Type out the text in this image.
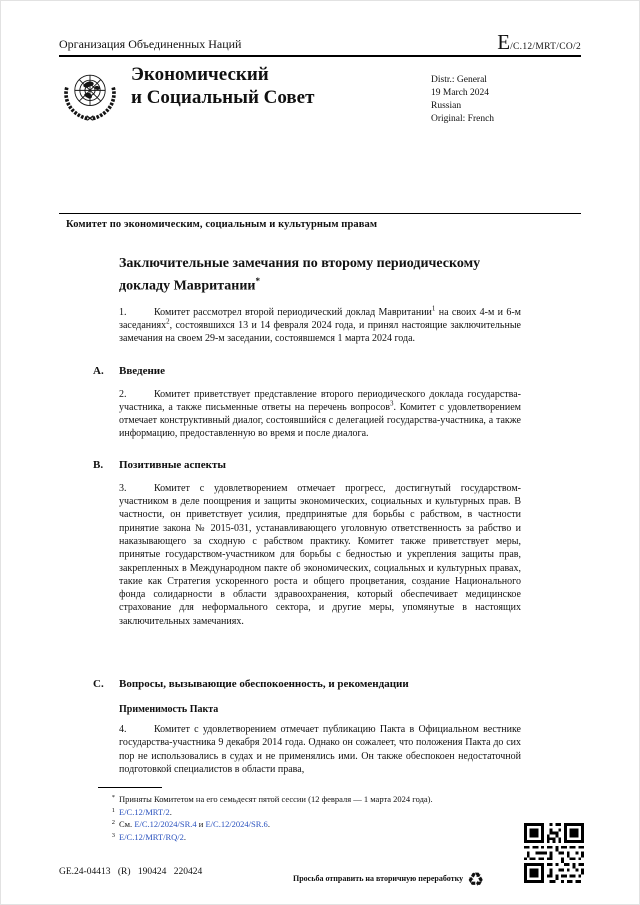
Организация Объединенных Наций	E/C.12/MRT/CO/2
Экономический
и Социальный Совет
Distr.: General
19 March 2024
Russian
Original: French
Комитет по экономическим, социальным и культурным правам
Заключительные замечания по второму периодическому докладу Мавритании*

1.	Комитет рассмотрел второй периодический доклад Мавритании$^1$ на своих 4-м и 6-м заседаниях$^2$, состоявшихся 13 и 14 февраля 2024 года, и принял настоящие заключительные замечания на своем 29-м заседании, состоявшемся 1 марта 2024 года.

A.	Введение

2.	Комитет приветствует представление второго периодического доклада государства-участника, а также письменные ответы на перечень вопросов$^3$. Комитет с удовлетворением отмечает конструктивный диалог, состоявшийся с делегацией государства-участника, а также информацию, предоставленную во время и после диалога.

B.	Позитивные аспекты

3.	Комитет с удовлетворением отмечает прогресс, достигнутый государством-участником в деле поощрения и защиты экономических, социальных и культурных прав. В частности, он приветствует усилия, предпринятые для борьбы с рабством, в частности принятие закона № 2015-031, устанавливающего уголовную ответственность за рабство и наказывающего за сходную с рабством практику. Комитет также приветствует меры, принятые государством-участником для борьбы с бедностью и укрепления защиты прав, закрепленных в Международном пакте об экономических, социальных и культурных правах, такие как Стратегия ускоренного роста и общего процветания, создание Национального фонда солидарности в области здравоохранения, который обеспечивает медицинское страхование для неформального сектора, и другие меры, упомянутые в настоящих заключительных замечаниях.

C.	Вопросы, вызывающие обеспокоенность, и рекомендации
Применимость Пакта

4.	Комитет с удовлетворением отмечает публикацию Пакта в Официальном вестнике государства-участника 9 декабря 2014 года. Однако он сожалеет, что положения Пакта до сих пор не использовались в судах и не применялись ими. Он также обеспокоен недостаточной подготовкой специалистов в области права,

* Приняты Комитетом на его семьдесят пятой сессии (12 февраля — 1 марта 2024 года).
$^1$ E/C.12/MRT/2.
$^2$ См. E/C.12/2024/SR.4 и E/C.12/2024/SR.6.
$^3$ E/C.12/MRT/RQ/2.
GE.24-04413 (R) 190424 220424
Просьба отправить на вторичную переработку ♻
